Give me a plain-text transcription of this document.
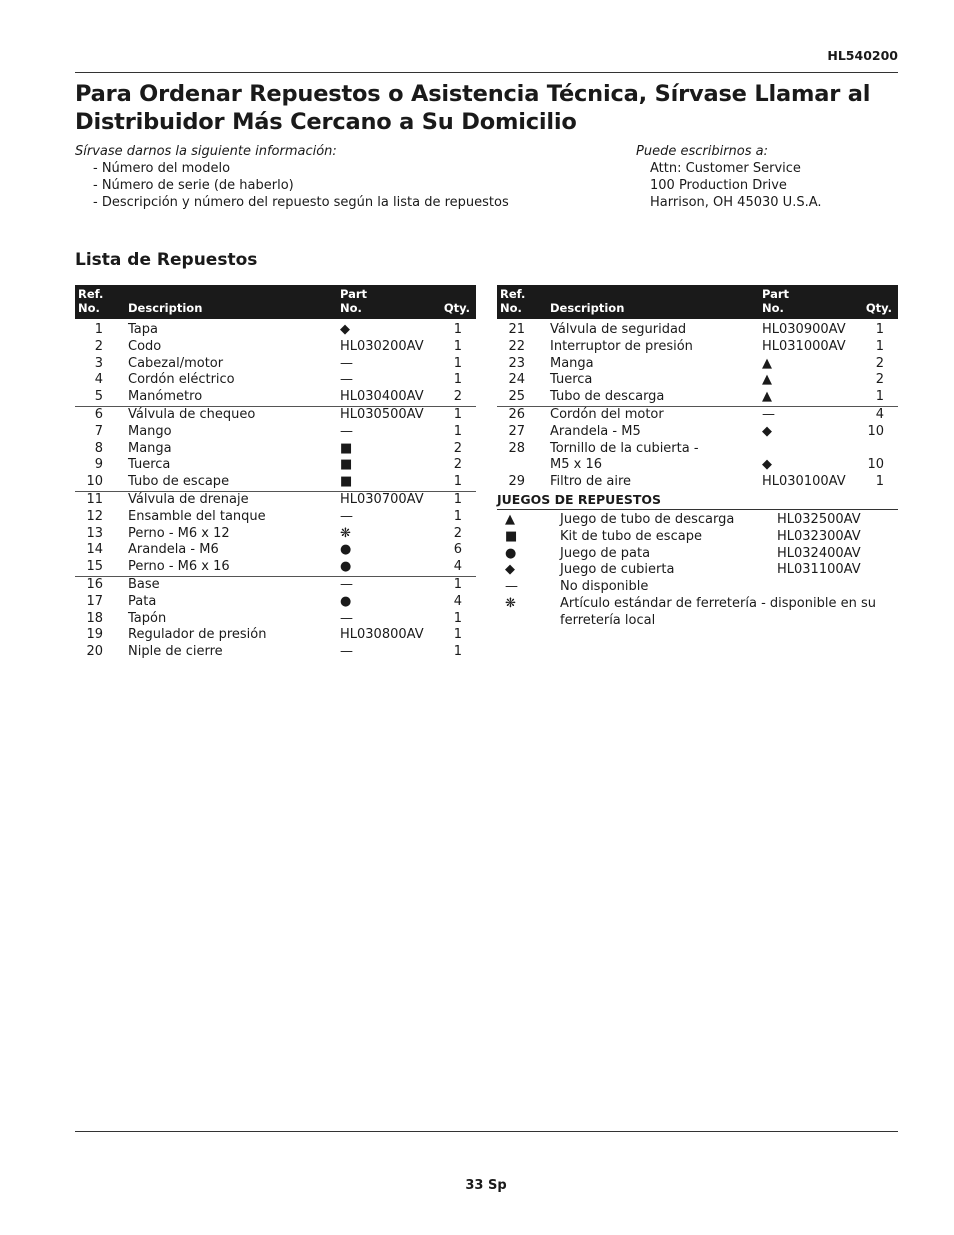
HL540200
Para Ordenar Repuestos o Asistencia Técnica, Sírvase Llamar al Distribuidor Más Cercano a Su Domicilio
Sírvase darnos la siguiente información:
- Número del modelo
- Número de serie (de haberlo)
- Descripción y número del repuesto según la lista de repuestos
Puede escribirnos a:
Attn: Customer Service
100 Production Drive
Harrison, OH 45030 U.S.A.
Lista de Repuestos
Ref.
No.	Description	Part
No.	Qty.
1	Tapa	◆	1
2	Codo	HL030200AV	1
3	Cabezal/motor	—	1
4	Cordón eléctrico	—	1
5	Manómetro	HL030400AV	2
6	Válvula de chequeo	HL030500AV	1
7	Mango	—	1
8	Manga	■	2
9	Tuerca	■	2
10	Tubo de escape	■	1
11	Válvula de drenaje	HL030700AV	1
12	Ensamble del tanque	—	1
13	Perno - M6 x 12	❋	2
14	Arandela - M6	●	6
15	Perno - M6 x 16	●	4
16	Base	—	1
17	Pata	●	4
18	Tapón	—	1
19	Regulador de presión	HL030800AV	1
20	Niple de cierre	—	1
Ref.
No.	Description	Part
No.	Qty.
21	Válvula de seguridad	HL030900AV	1
22	Interruptor de presión	HL031000AV	1
23	Manga	▲	2
24	Tuerca	▲	2
25	Tubo de descarga	▲	1
26	Cordón del motor	—	4
27	Arandela - M5	◆	10
28	Tornillo de la cubierta -		
	M5 x 16	◆	10
29	Filtro de aire	HL030100AV	1
JUEGOS DE REPUESTOS
▲	Juego de tubo de descarga	HL032500AV
■	Kit de tubo de escape	HL032300AV
●	Juego de pata	HL032400AV
◆	Juego de cubierta	HL031100AV
—	No disponible	
❋	Artículo estándar de ferretería - disponible en su ferretería local	
33 Sp
